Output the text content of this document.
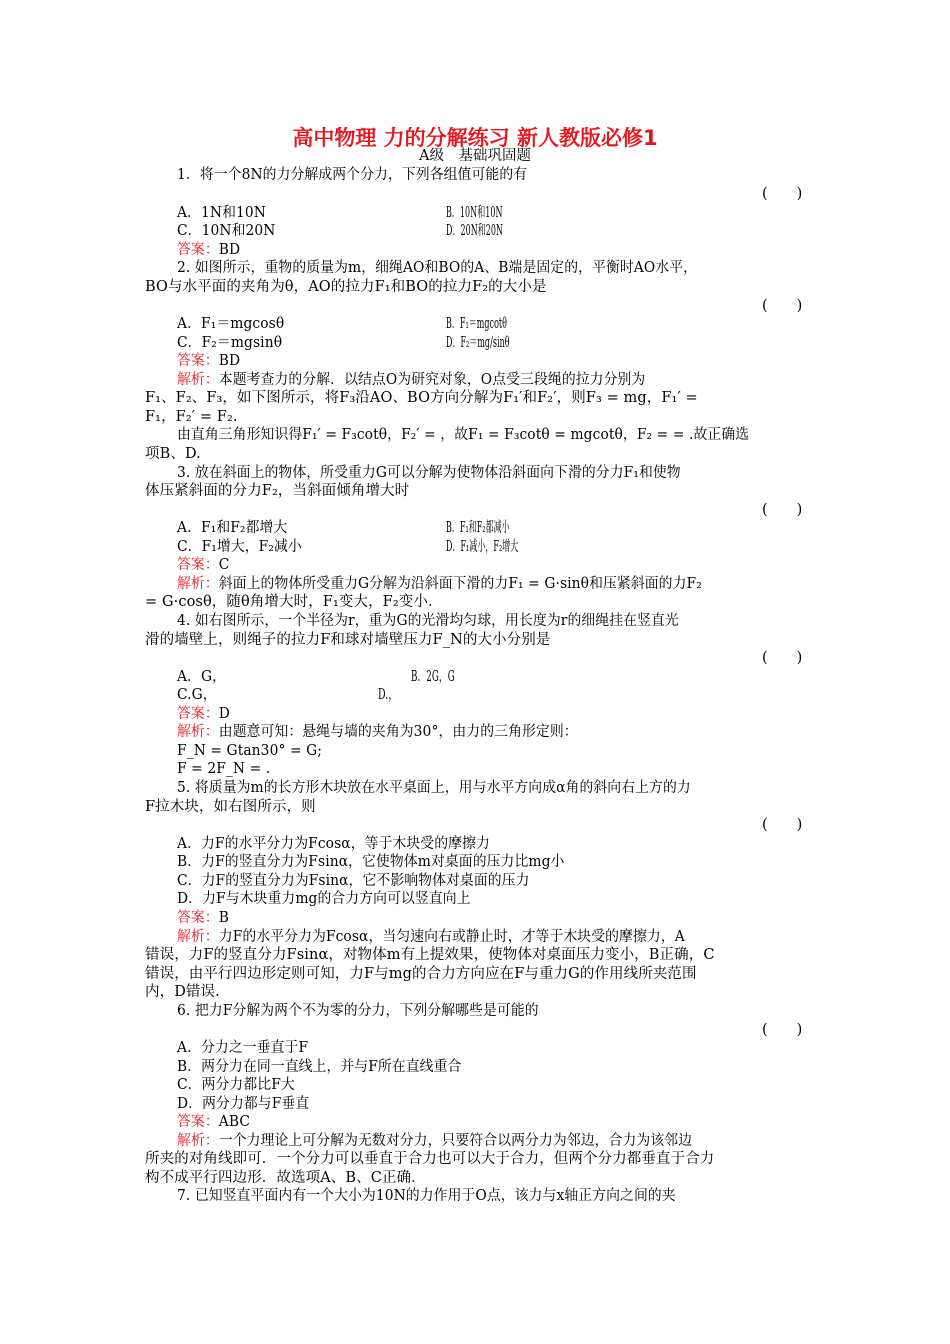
高中物理 力的分解练习 新人教版必修1
A级　基础巩固题
1．将一个8N的力分解成两个分力，下列各组值可能的有
(　　)
A．1N和10N	B．10N和10N
C．10N和20N	D．20N和20N
答案：BD
2. 如图所示，重物的质量为m，细绳AO和BO的A、B端是固定的，平衡时AO水平，
BO与水平面的夹角为θ，AO的拉力F₁和BO的拉力F₂的大小是
(　　)
A．F₁＝mgcosθ	B．F₁＝mgcotθ
C．F₂＝mgsinθ	D．F₂＝mg/sinθ
答案：BD
解析：本题考查力的分解．以结点O为研究对象，O点受三段绳的拉力分别为
F₁、F₂、F₃，如下图所示，将F₃沿AO、BO方向分解为F₁′和F₂′，则F₃ = mg，F₁′ =
F₁，F₂′ = F₂.
由直角三角形知识得F₁′ = F₃cotθ，F₂′ = ，故F₁ = F₃cotθ = mgcotθ，F₂ = = .故正确选
项B、D.
3. 放在斜面上的物体，所受重力G可以分解为使物体沿斜面向下滑的分力F₁和使物
体压紧斜面的分力F₂，当斜面倾角增大时
(　　)
A．F₁和F₂都增大	B．F₁和F₂都减小
C．F₁增大，F₂减小	D．F₁减小，F₂增大
答案：C
解析：斜面上的物体所受重力G分解为沿斜面下滑的力F₁ = G·sinθ和压紧斜面的力F₂
= G·cosθ，随θ角增大时，F₁变大，F₂变小．
4. 如右图所示，一个半径为r，重为G的光滑均匀球，用长度为r的细绳挂在竖直光
滑的墙壁上，则绳子的拉力F和球对墙壁压力F_N的大小分别是
(　　)
A．G，	B．2G，G
C.G，	D.，
答案：D
解析：由题意可知：悬绳与墙的夹角为30°，由力的三角形定则：
F_N = Gtan30° = G;
F = 2F_N = .
5. 将质量为m的长方形木块放在水平桌面上，用与水平方向成α角的斜向右上方的力
F拉木块，如右图所示，则
(　　)
A．力F的水平分力为Fcosα，等于木块受的摩擦力
B．力F的竖直分力为Fsinα，它使物体m对桌面的压力比mg小
C．力F的竖直分力为Fsinα，它不影响物体对桌面的压力
D．力F与木块重力mg的合力方向可以竖直向上
答案：B
解析：力F的水平分力为Fcosα，当匀速向右或静止时，才等于木块受的摩擦力，A
错误，力F的竖直分力Fsinα，对物体m有上提效果，使物体对桌面压力变小，B正确，C
错误，由平行四边形定则可知，力F与mg的合力方向应在F与重力G的作用线所夹范围
内，D错误.
6. 把力F分解为两个不为零的分力，下列分解哪些是可能的
(　　)
A．分力之一垂直于F
B．两分力在同一直线上，并与F所在直线重合
C．两分力都比F大
D．两分力都与F垂直
答案：ABC
解析：一个力理论上可分解为无数对分力，只要符合以两分力为邻边，合力为该邻边
所夹的对角线即可．一个分力可以垂直于合力也可以大于合力，但两个分力都垂直于合力
构不成平行四边形．故选项A、B、C正确．
7. 已知竖直平面内有一个大小为10N的力作用于O点，该力与x轴正方向之间的夹
